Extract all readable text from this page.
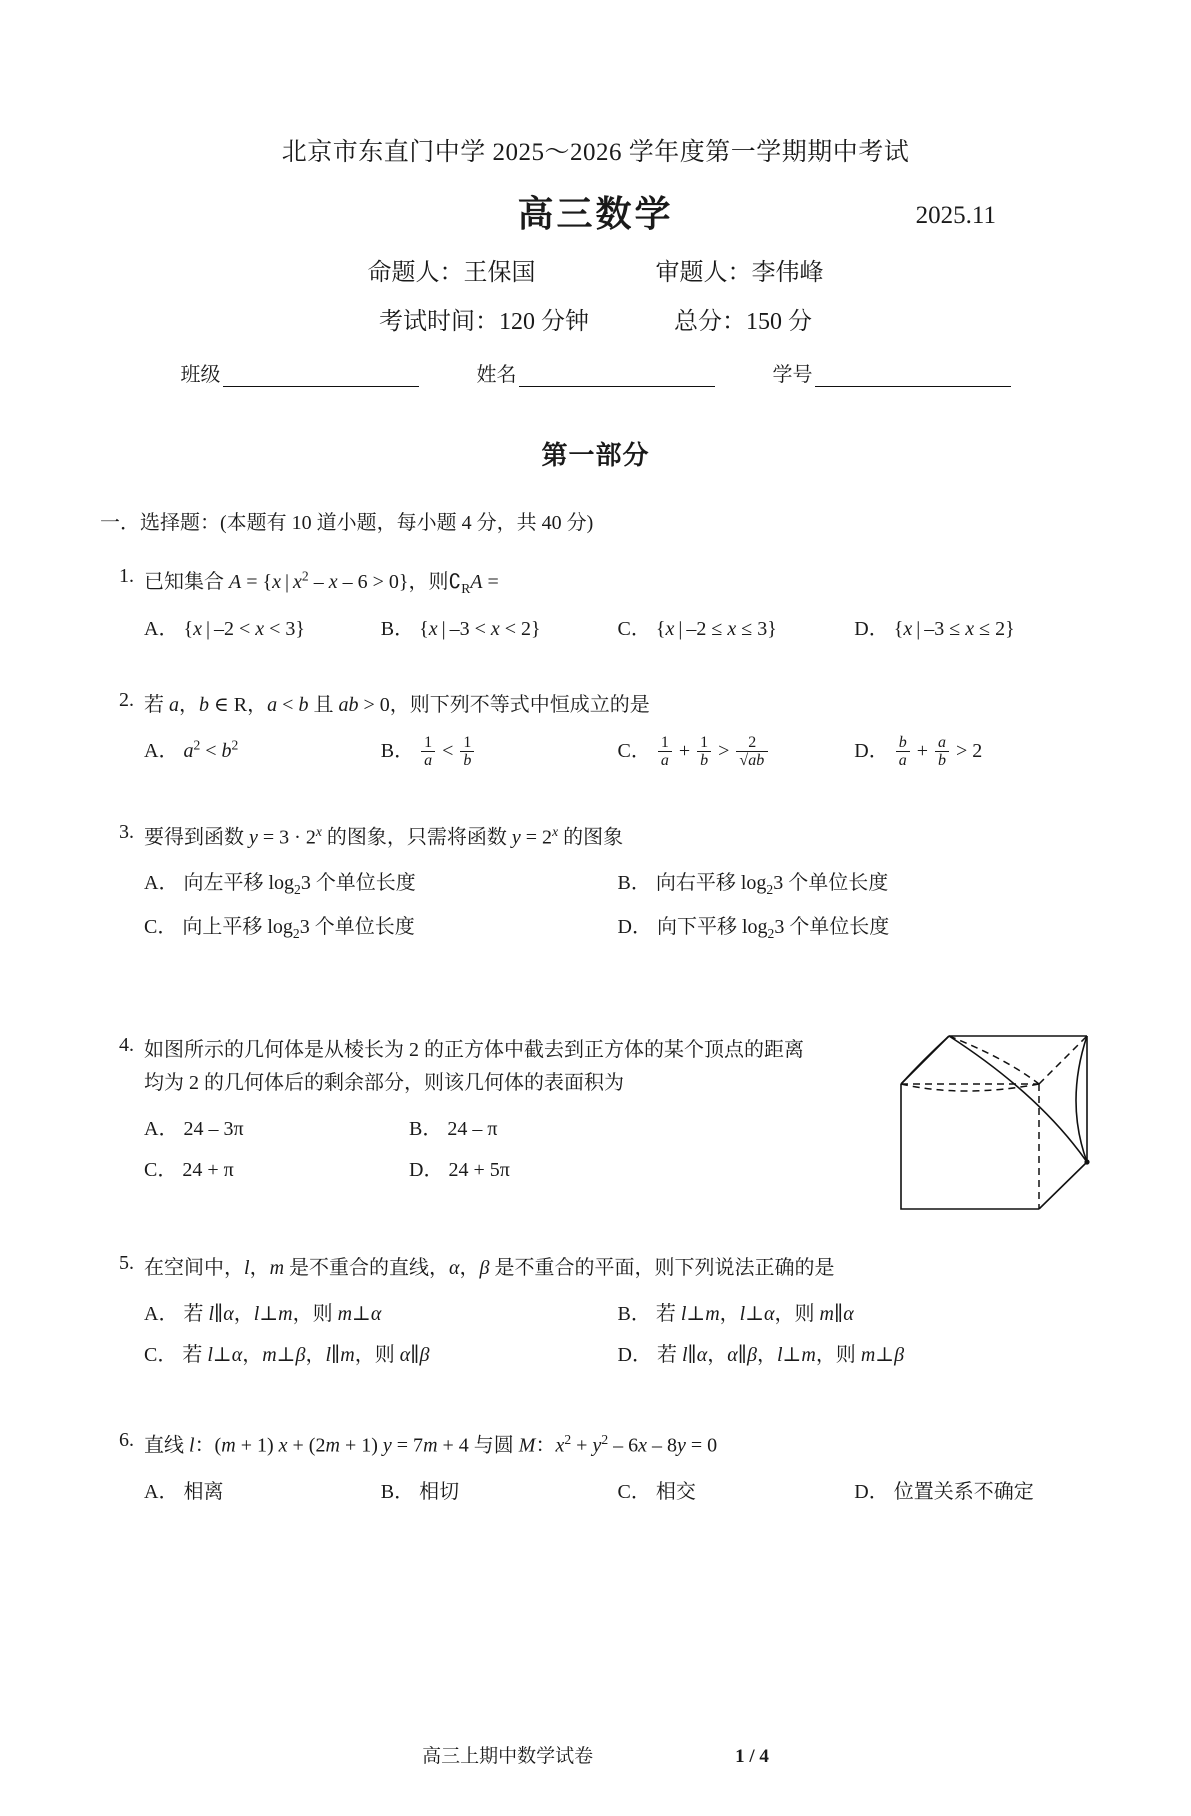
北京市东直门中学 2025～2026 学年度第一学期期中考试
高三数学	2025.11
命题人：王保国	审题人：李伟峰
考试时间：120 分钟	总分：150 分
班级	姓名	学号
第一部分
一．选择题：(本题有 10 道小题，每小题 4 分，共 40 分)
1. 已知集合 A = {x | $x^2 - x - 6 > 0$}，则$∁_RA$ =
A． {x | –2 < x < 3}	B． {x | –3 < x < 2}	C． {x | –2 ≤ x ≤ 3}	D． {x | –3 ≤ x ≤ 2}
2. 若 a，b ∈ R，a < b 且 ab > 0，则下列不等式中恒成立的是
A． $a^2 < b^2$	B． $\frac{1}{a} < \frac{1}{b}$	C． $\frac{1}{a} + \frac{1}{b} > \frac{2}{√ab}$	D． $\frac{b}{a} + \frac{a}{b} > 2$
3. 要得到函数 $y = 3 \cdot 2^x$ 的图象，只需将函数 $y = 2^x$ 的图象
A． 向左平移 $\log_23$ 个单位长度	B． 向右平移 $\log_23$ 个单位长度
C． 向上平移 $\log_23$ 个单位长度	D． 向下平移 $\log_23$ 个单位长度
4. 如图所示的几何体是从棱长为 2 的正方体中截去到正方体的某个顶点的距离
均为 2 的几何体后的剩余部分，则该几何体的表面积为
A． 24 – 3π	B． 24 – π
C． 24 + π	D． 24 + 5π
5. 在空间中，l，m 是不重合的直线，α，β 是不重合的平面，则下列说法正确的是
A． 若 l∥α，l⊥m，则 m⊥α	B． 若 l⊥m，l⊥α，则 m∥α
C． 若 l⊥α，m⊥β，l∥m，则 α∥β	D． 若 l∥α，α∥β，l⊥m，则 m⊥β
6. 直线 l：(m + 1) x + (2m + 1) y = 7m + 4 与圆 M：$x^2 + y^2 - 6x - 8y = 0$
A． 相离	B． 相切	C． 相交	D． 位置关系不确定
高三上期中数学试卷	1 / 4
